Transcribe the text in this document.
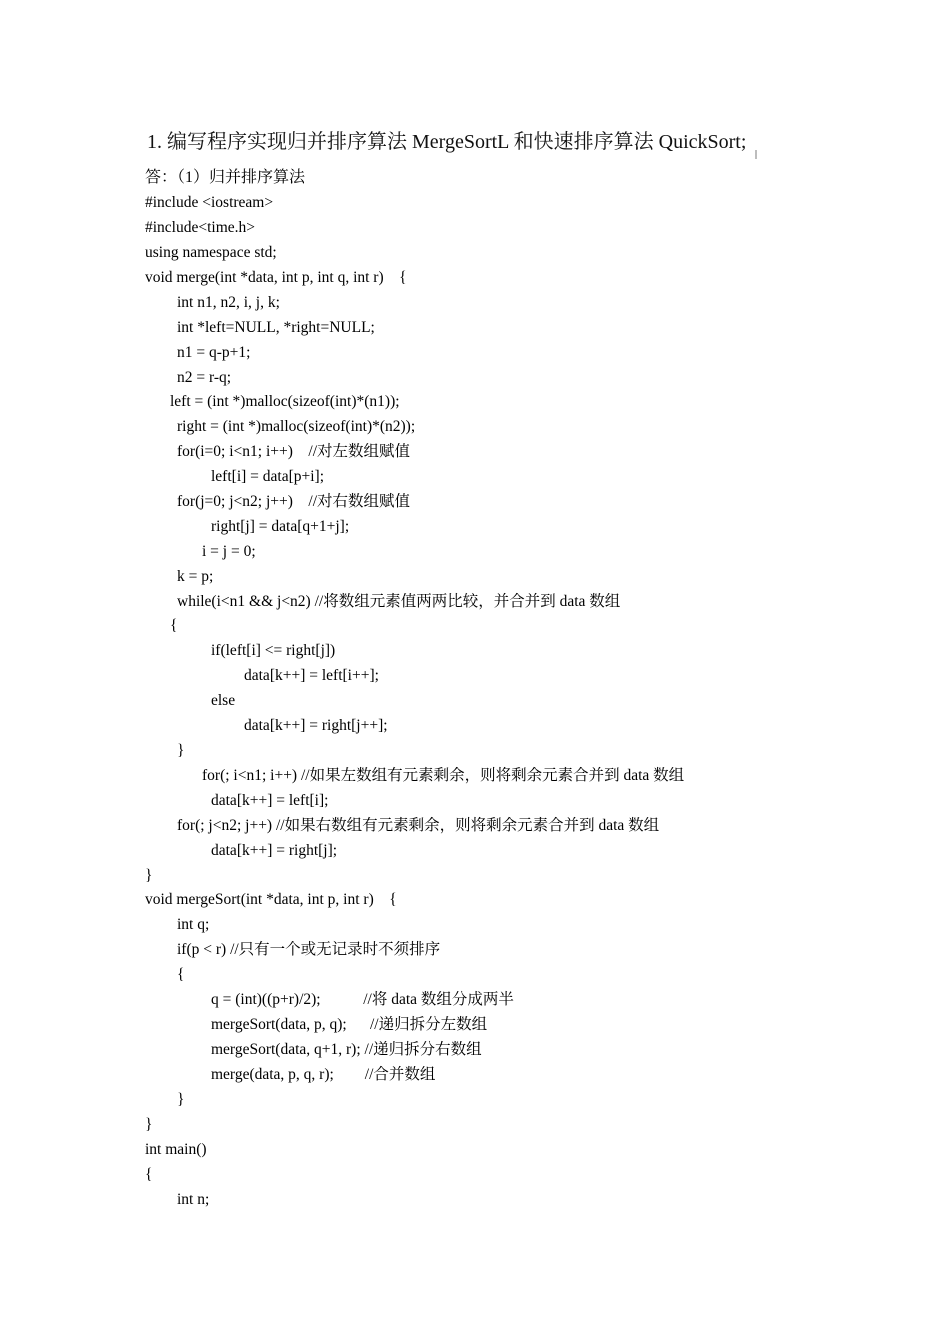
1. 编写程序实现归并排序算法 MergeSortL 和快速排序算法 QuickSort;
答：（1）归并排序算法
#include <iostream>
#include<time.h>
using namespace std;
void merge(int *data, int p, int q, int r)    {
int n1, n2, i, j, k;
int *left=NULL, *right=NULL;
n1 = q-p+1;
n2 = r-q;
left = (int *)malloc(sizeof(int)*(n1));
right = (int *)malloc(sizeof(int)*(n2));
for(i=0; i<n1; i++)    //对左数组赋值
left[i] = data[p+i];
for(j=0; j<n2; j++)    //对右数组赋值
right[j] = data[q+1+j];
i = j = 0;
k = p;
while(i<n1 && j<n2) //将数组元素值两两比较，并合并到 data 数组
{
if(left[i] <= right[j])
data[k++] = left[i++];
else
data[k++] = right[j++];
}
for(; i<n1; i++) //如果左数组有元素剩余，则将剩余元素合并到 data 数组
data[k++] = left[i];
for(; j<n2; j++) //如果右数组有元素剩余，则将剩余元素合并到 data 数组
data[k++] = right[j];
}
void mergeSort(int *data, int p, int r)    {
int q;
if(p < r) //只有一个或无记录时不须排序
{
q = (int)((p+r)/2);           //将 data 数组分成两半
mergeSort(data, p, q);      //递归拆分左数组
mergeSort(data, q+1, r); //递归拆分右数组
merge(data, p, q, r);        //合并数组
}
}
int main()
{
int n;
